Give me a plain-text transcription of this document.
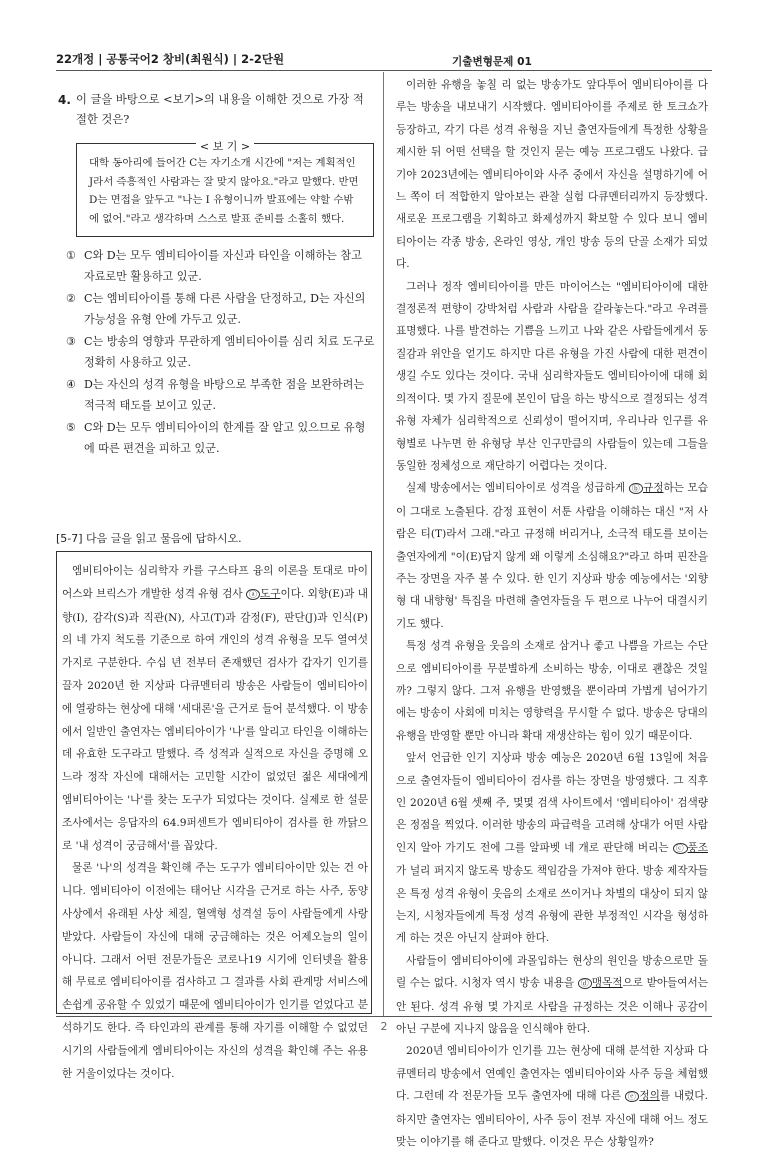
22개정 | 공통국어2 창비(최원식) | 2-2단원	기출변형문제 01
4. 이 글을 바탕으로 <보기>의 내용을 이해한 것으로 가장 적절한 것은?
< 보 기 >
대학 동아리에 들어간 C는 자기소개 시간에 "저는 계획적인 J라서 즉흥적인 사람과는 잘 맞지 않아요."라고 말했다. 반면 D는 면접을 앞두고 "나는 I 유형이니까 발표에는 약할 수밖에 없어."라고 생각하며 스스로 발표 준비를 소홀히 했다.
① C와 D는 모두 엠비티아이를 자신과 타인을 이해하는 참고 자료로만 활용하고 있군.
② C는 엠비티아이를 통해 다른 사람을 단정하고, D는 자신의 가능성을 유형 안에 가두고 있군.
③ C는 방송의 영향과 무관하게 엠비티아이를 심리 치료 도구로 정확히 사용하고 있군.
④ D는 자신의 성격 유형을 바탕으로 부족한 점을 보완하려는 적극적 태도를 보이고 있군.
⑤ C와 D는 모두 엠비티아이의 한계를 잘 알고 있으므로 유형에 따른 편견을 피하고 있군.
[5-7] 다음 글을 읽고 물음에 답하시오.

엠비티아이는 심리학자 카를 구스타프 융의 이론을 토대로 마이어스와 브릭스가 개발한 성격 유형 검사 ⓐ 도구이다. 외향(E)과 내향(I), 감각(S)과 직관(N), 사고(T)과 감정(F), 판단(J)과 인식(P)의 네 가지 척도를 기준으로 하여 개인의 성격 유형을 모두 열여섯 가지로 구분한다. 수십 년 전부터 존재했던 검사가 갑자기 인기를 끌자 2020년 한 지상파 다큐멘터리 방송은 사람들이 엠비티아이에 열광하는 현상에 대해 '세대론'을 근거로 들어 분석했다. 이 방송에서 일반인 출연자는 엠비티아이가 '나'를 알리고 타인을 이해하는 데 유효한 도구라고 말했다. 즉 성적과 실적으로 자신을 증명해 오느라 정작 자신에 대해서는 고민할 시간이 없었던 젊은 세대에게 엠비티아이는 '나'를 찾는 도구가 되었다는 것이다. 실제로 한 설문 조사에서는 응답자의 64.9퍼센트가 엠비티아이 검사를 한 까닭으로 '내 성격이 궁금해서'를 꼽았다.

물론 '나'의 성격을 확인해 주는 도구가 엠비티아이만 있는 건 아니다. 엠비티아이 이전에는 태어난 시각을 근거로 하는 사주, 동양 사상에서 유래된 사상 체질, 혈액형 성격설 등이 사람들에게 사랑받았다. 사람들이 자신에 대해 궁금해하는 것은 어제오늘의 일이 아니다. 그래서 어떤 전문가들은 코로나19 시기에 인터넷을 활용해 무료로 엠비티아이를 검사하고 그 결과를 사회 관계망 서비스에 손쉽게 공유할 수 있었기 때문에 엠비티아이가 인기를 얻었다고 분석하기도 한다. 즉 타인과의 관계를 통해 자기를 이해할 수 없었던 시기의 사람들에게 엠비티아이는 자신의 성격을 확인해 주는 유용한 거울이었다는 것이다.

이러한 유행을 놓칠 리 없는 방송가도 앞다투어 엠비티아이를 다루는 방송을 내보내기 시작했다. 엠비티아이를 주제로 한 토크쇼가 등장하고, 각기 다른 성격 유형을 지닌 출연자들에게 특정한 상황을 제시한 뒤 어떤 선택을 할 것인지 묻는 예능 프로그램도 나왔다. 급기야 2023년에는 엠비티아이와 사주 중에서 자신을 설명하기에 어느 쪽이 더 적합한지 알아보는 관찰 실험 다큐멘터리까지 등장했다. 새로운 프로그램을 기획하고 화제성까지 확보할 수 있다 보니 엠비티아이는 각종 방송, 온라인 영상, 개인 방송 등의 단골 소재가 되었다.

그러나 정작 엠비티아이를 만든 마이어스는 "엠비티아이에 대한 결정론적 편향이 강박처럼 사람과 사람을 갈라놓는다."라고 우려를 표명했다. 나를 발견하는 기쁨을 느끼고 나와 같은 사람들에게서 동질감과 위안을 얻기도 하지만 다른 유형을 가진 사람에 대한 편견이 생길 수도 있다는 것이다. 국내 심리학자들도 엠비티아이에 대해 회의적이다. 몇 가지 질문에 본인이 답을 하는 방식으로 결정되는 성격 유형 자체가 심리학적으로 신뢰성이 떨어지며, 우리나라 인구를 유형별로 나누면 한 유형당 부산 인구만큼의 사람들이 있는데 그들을 동일한 정체성으로 재단하기 어렵다는 것이다.

실제 방송에서는 엠비티아이로 성격을 성급하게 ⓑ 규정하는 모습이 그대로 노출된다. 감정 표현이 서툰 사람을 이해하는 대신 "저 사람은 티(T)라서 그래."라고 규정해 버리거나, 소극적 태도를 보이는 출연자에게 "이(E)답지 않게 왜 이렇게 소심해요?"라고 하며 핀잔을 주는 장면을 자주 볼 수 있다. 한 인기 지상파 방송 예능에서는 '외향형 대 내향형' 특집을 마련해 출연자들을 두 편으로 나누어 대결시키기도 했다.

특정 성격 유형을 웃음의 소재로 삼거나 좋고 나쁨을 가르는 수단으로 엠비티아이를 무분별하게 소비하는 방송, 이대로 괜찮은 것일까? 그렇지 않다. 그저 유행을 반영했을 뿐이라며 가볍게 넘어가기에는 방송이 사회에 미치는 영향력을 무시할 수 없다. 방송은 당대의 유행을 반영할 뿐만 아니라 확대 재생산하는 힘이 있기 때문이다.

앞서 언급한 인기 지상파 방송 예능은 2020년 6월 13일에 처음으로 출연자들이 엠비티아이 검사를 하는 장면을 방영했다. 그 직후인 2020년 6월 셋째 주, 몇몇 검색 사이트에서 '엠비티아이' 검색량은 정점을 찍었다. 이러한 방송의 파급력을 고려해 상대가 어떤 사람인지 알아 가기도 전에 그를 알파벳 네 개로 판단해 버리는 ⓒ 풍조가 널리 퍼지지 않도록 방송도 책임감을 가져야 한다. 방송 제작자들은 특정 성격 유형이 웃음의 소재로 쓰이거나 차별의 대상이 되지 않는지, 시청자들에게 특정 성격 유형에 관한 부정적인 시각을 형성하게 하는 것은 아닌지 살펴야 한다.

사람들이 엠비티아이에 과몰입하는 현상의 원인을 방송으로만 돌릴 수는 없다. 시청자 역시 방송 내용을 ⓓ 맹목적으로 받아들여서는 안 된다. 성격 유형 몇 가지로 사람을 규정하는 것은 이해나 공감이 아닌 구분에 지나지 않음을 인식해야 한다.

2020년 엠비티아이가 인기를 끄는 현상에 대해 분석한 지상파 다큐멘터리 방송에서 연예인 출연자는 엠비티아이와 사주 등을 체험했다. 그런데 각 전문가들 모두 출연자에 대해 다른 ⓔ 정의를 내렸다. 하지만 출연자는 엠비티아이, 사주 등이 전부 자신에 대해 어느 정도 맞는 이야기를 해 준다고 말했다. 이것은 무슨 상황일까?

2
